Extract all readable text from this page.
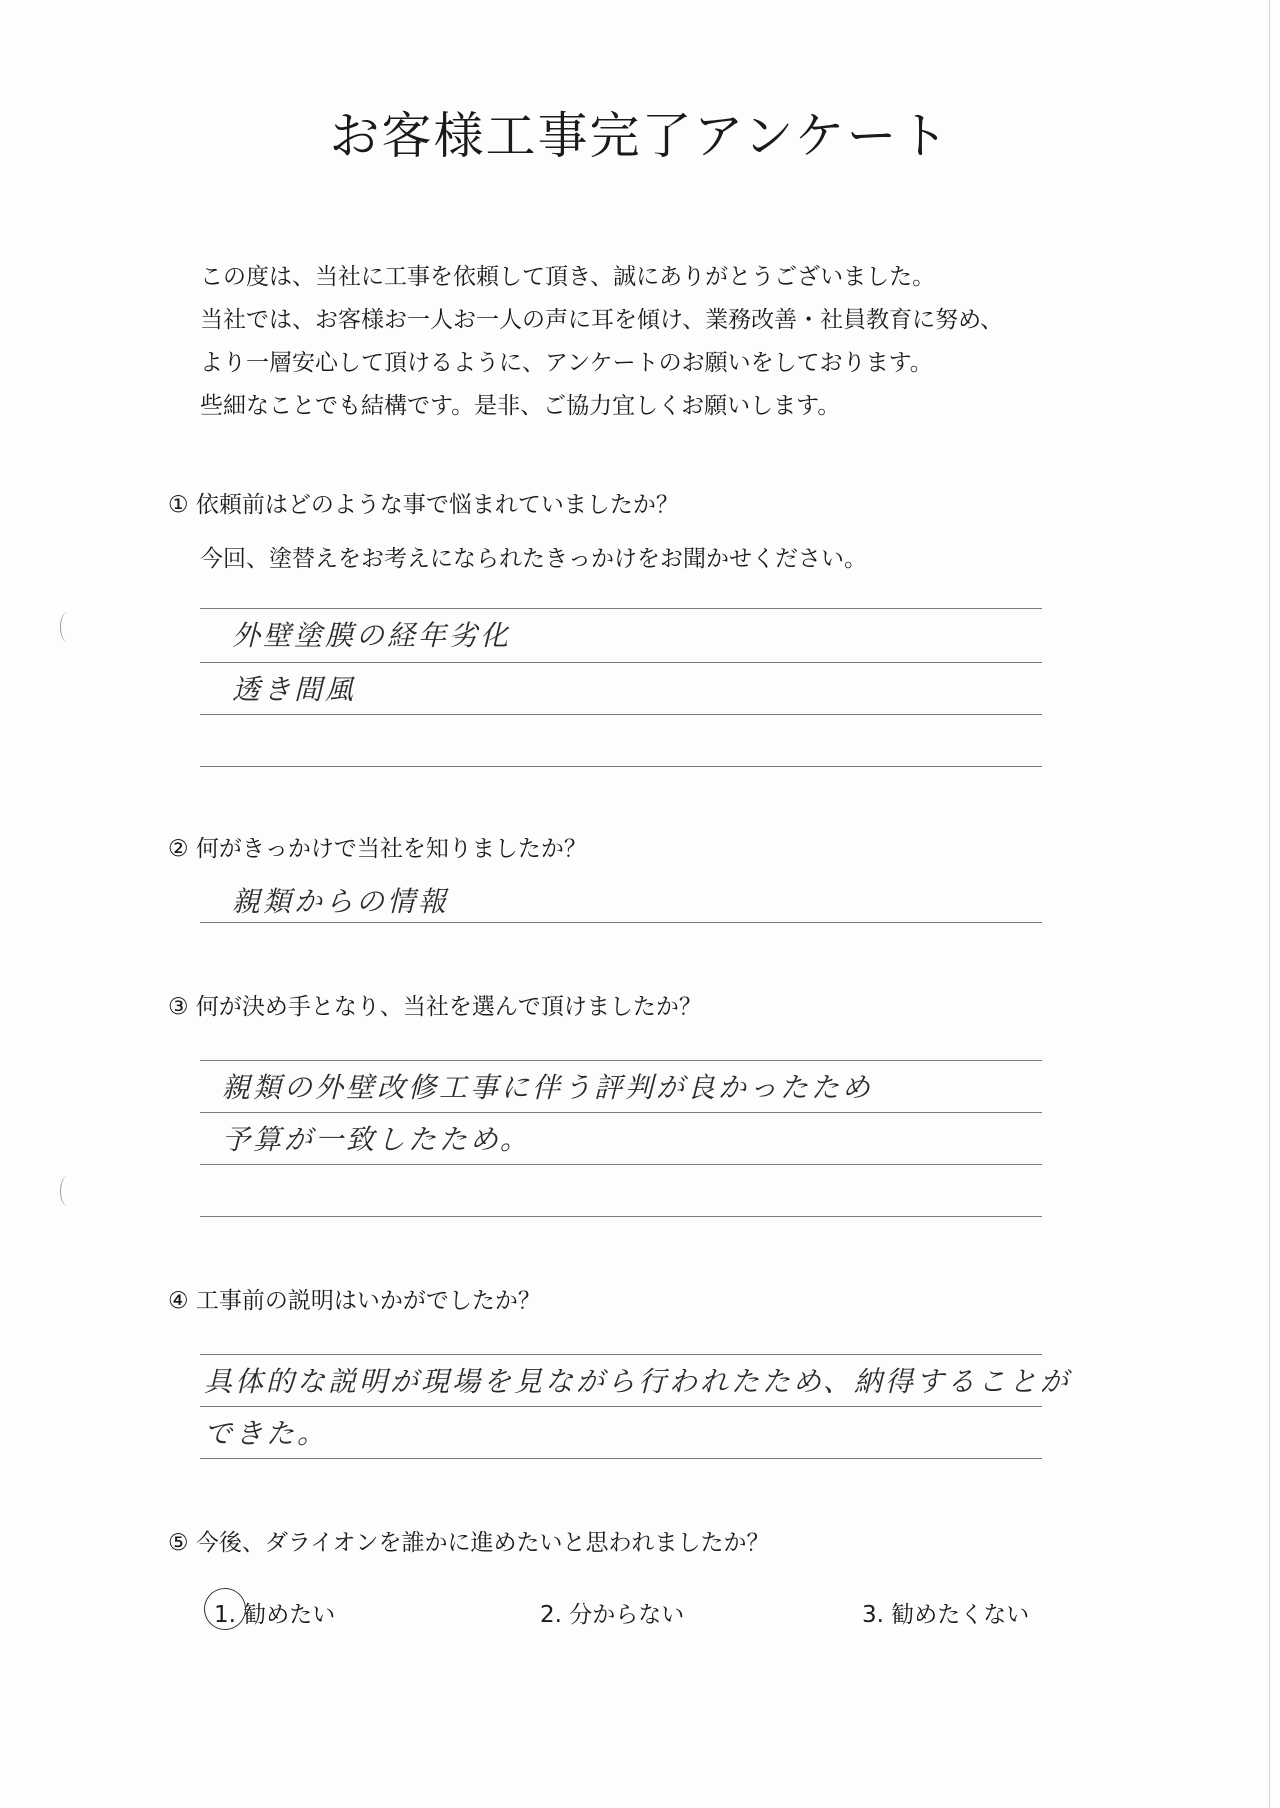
お客様工事完了アンケート
この度は、当社に工事を依頼して頂き、誠にありがとうございました。
当社では、お客様お一人お一人の声に耳を傾け、業務改善・社員教育に努め、
より一層安心して頂けるように、アンケートのお願いをしております。
些細なことでも結構です。是非、ご協力宜しくお願いします。
① 依頼前はどのような事で悩まれていましたか？
今回、塗替えをお考えになられたきっかけをお聞かせください。
外壁塗膜の経年劣化
透き間風
② 何がきっかけで当社を知りましたか？
親類からの情報
③ 何が決め手となり、当社を選んで頂けましたか？
親類の外壁改修工事に伴う評判が良かったため
予算が一致したため。
④ 工事前の説明はいかがでしたか？
具体的な説明が現場を見ながら行われたため、納得することが
できた。
⑤ 今後、ダライオンを誰かに進めたいと思われましたか？
1. 勧めたい	2. 分からない	3. 勧めたくない
